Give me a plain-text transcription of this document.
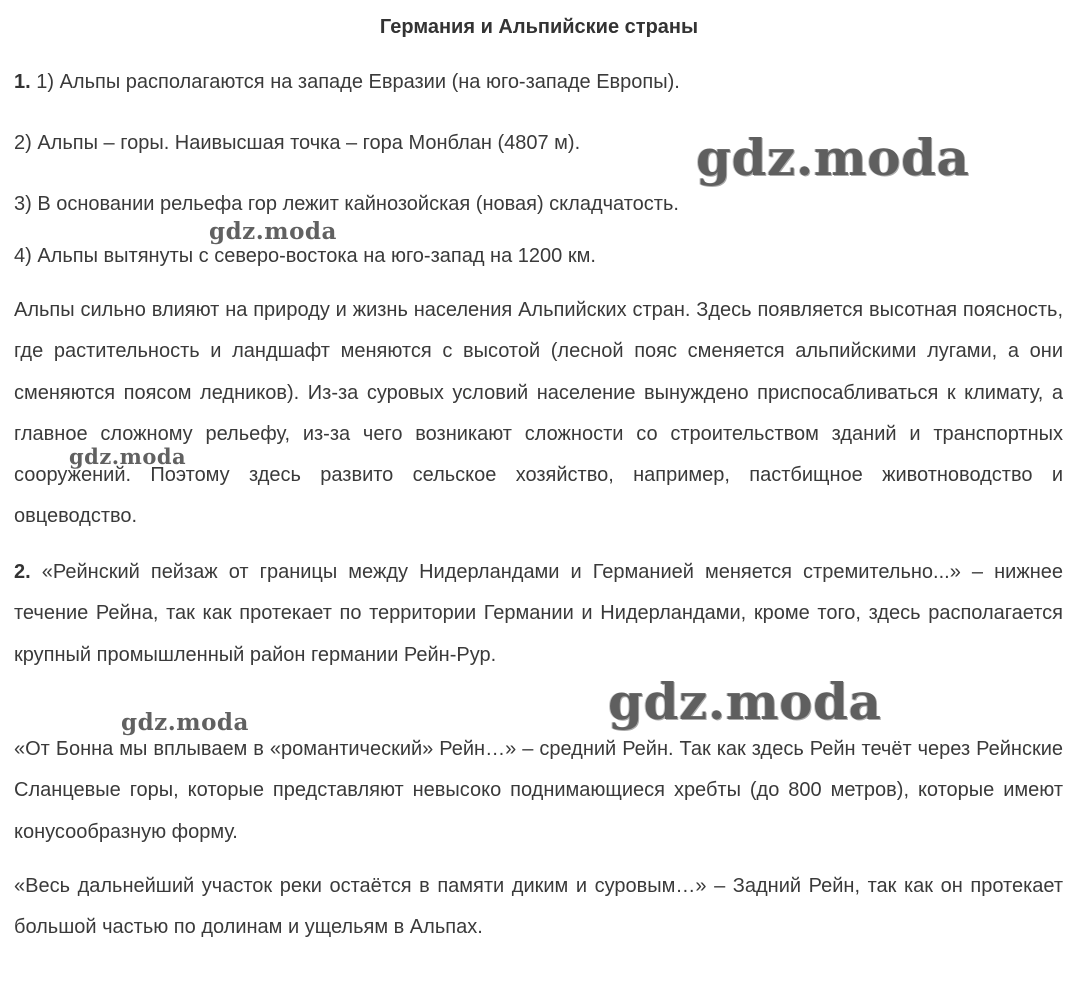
Германия и Альпийские страны

1. 1) Альпы располагаются на западе Евразии (на юго-западе Европы).

2) Альпы – горы. Наивысшая точка – гора Монблан (4807 м).

3) В основании рельефа гор лежит кайнозойская (новая) складчатость.

4) Альпы вытянуты с северо-востока на юго-запад на 1200 км.

Альпы сильно влияют на природу и жизнь населения Альпийских стран. Здесь появляется высотная поясность, где растительность и ландшафт меняются с высотой (лесной пояс сменяется альпийскими лугами, а они сменяются поясом ледников). Из-за суровых условий население вынуждено приспосабливаться к климату, а главное сложному рельефу, из-за чего возникают сложности со строительством зданий и транспортных сооружений. Поэтому здесь развито сельское хозяйство, например, пастбищное животноводство и овцеводство.

2. «Рейнский пейзаж от границы между Нидерландами и Германией меняется стремительно...» – нижнее течение Рейна, так как протекает по территории Германии и Нидерландами, кроме того, здесь располагается крупный промышленный район германии Рейн-Рур.

«От Бонна мы вплываем в «романтический» Рейн…» – средний Рейн. Так как здесь Рейн течёт через Рейнские Сланцевые горы, которые представляют невысоко поднимающиеся хребты (до 800 метров), которые имеют конусообразную форму.

«Весь дальнейший участок реки остаётся в памяти диким и суровым…» – Задний Рейн, так как он протекает большой частью по долинам и ущельям в Альпах.

gdz.moda
gdz.moda
gdz.moda
gdz.moda
gdz.moda
